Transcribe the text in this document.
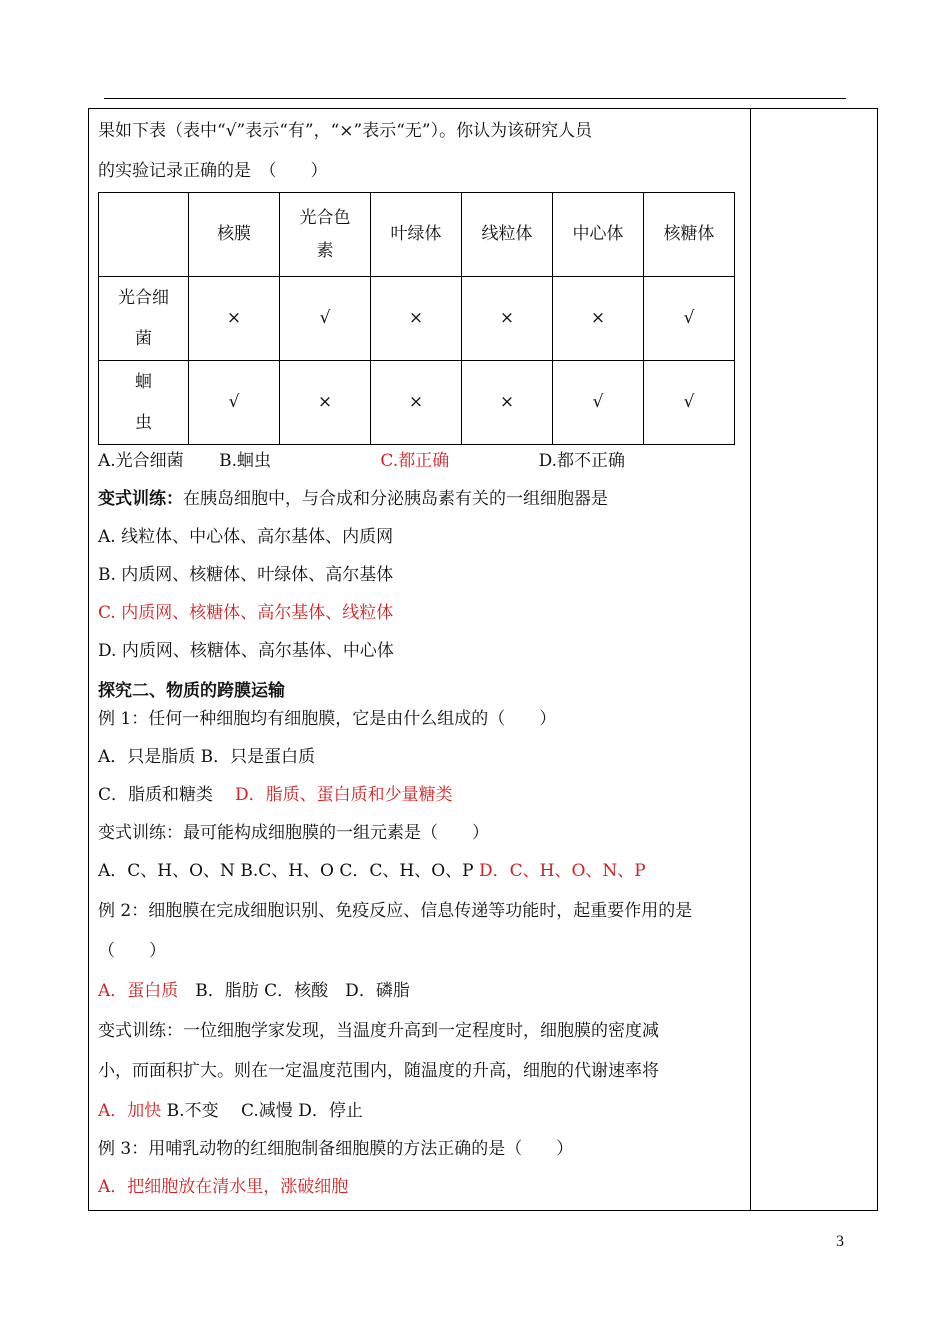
果如下表（表中“√”表示“有”，“×”表示“无”）。你认为该研究人员
的实验记录正确的是　（　　）
	核膜	光合色素	叶绿体	线粒体	中心体	核糖体
光合细菌	×	√	×	×	×	√
蛔虫	√	×	×	×	√	√
A.光合细菌 B.蛔虫	C.都正确	D.都不正确
变式训练：在胰岛细胞中，与合成和分泌胰岛素有关的一组细胞器是
A. 线粒体、中心体、高尔基体、内质网
B. 内质网、核糖体、叶绿体、高尔基体
C. 内质网、核糖体、高尔基体、线粒体
D. 内质网、核糖体、高尔基体、中心体
探究二、物质的跨膜运输
例 1：任何一种细胞均有细胞膜，它是由什么组成的（　　）
A．只是脂质 B．只是蛋白质
C．脂质和糖类 D．脂质、蛋白质和少量糖类
变式训练：最可能构成细胞膜的一组元素是（　　）
A．C、H、O、N B.C、H、O C．C、H、O、P D．C、H、O、N、P
例 2：细胞膜在完成细胞识别、免疫反应、信息传递等功能时，起重要作用的是
（　　）
A．蛋白质　B．脂肪 C．核酸　D．磷脂
变式训练：一位细胞学家发现，当温度升高到一定程度时，细胞膜的密度减
小，而面积扩大。则在一定温度范围内，随温度的升高，细胞的代谢速率将
A．加快 B.不变　 C.减慢 D．停止
例 3：用哺乳动物的红细胞制备细胞膜的方法正确的是（　　）
A．把细胞放在清水里，涨破细胞
3
